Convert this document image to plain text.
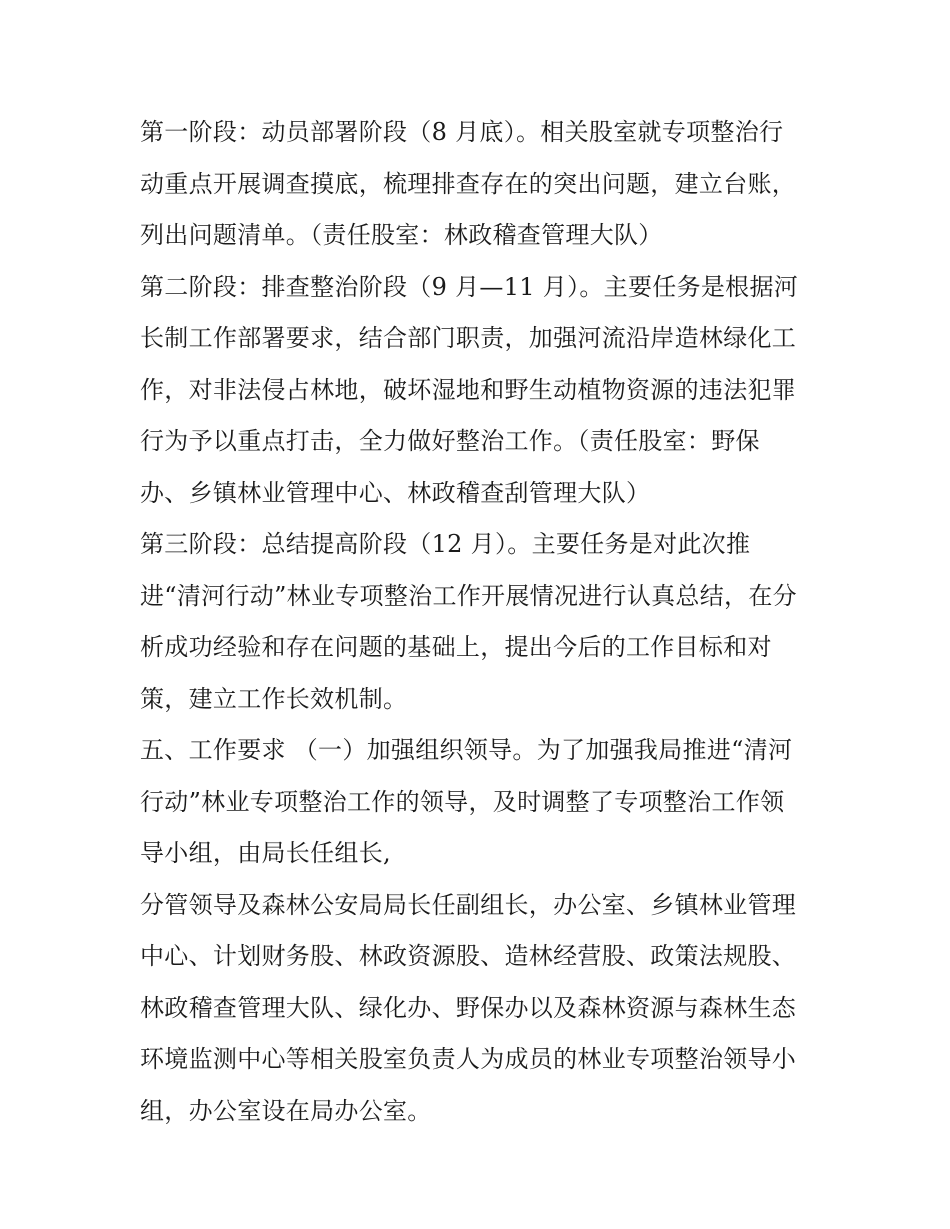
第一阶段：动员部署阶段（8 月底）。相关股室就专项整治行
动重点开展调查摸底，梳理排查存在的突出问题，建立台账，
列出问题清单。（责任股室：林政稽查管理大队）
第二阶段：排查整治阶段（9 月—11 月）。主要任务是根据河
长制工作部署要求，结合部门职责，加强河流沿岸造林绿化工
作，对非法侵占林地，破坏湿地和野生动植物资源的违法犯罪
行为予以重点打击，全力做好整治工作。（责任股室：野保
办、乡镇林业管理中心、林政稽查刮管理大队）
第三阶段：总结提高阶段（12 月）。主要任务是对此次推
进“清河行动”林业专项整治工作开展情况进行认真总结，在分
析成功经验和存在问题的基础上，提出今后的工作目标和对
策，建立工作长效机制。
五、工作要求 （一）加强组织领导。为了加强我局推进“清河
行动”林业专项整治工作的领导，及时调整了专项整治工作领
导小组，由局长任组长,
分管领导及森林公安局局长任副组长，办公室、乡镇林业管理
中心、计划财务股、林政资源股、造林经营股、政策法规股、
林政稽查管理大队、绿化办、野保办以及森林资源与森林生态
环境监测中心等相关股室负责人为成员的林业专项整治领导小
组，办公室设在局办公室。
